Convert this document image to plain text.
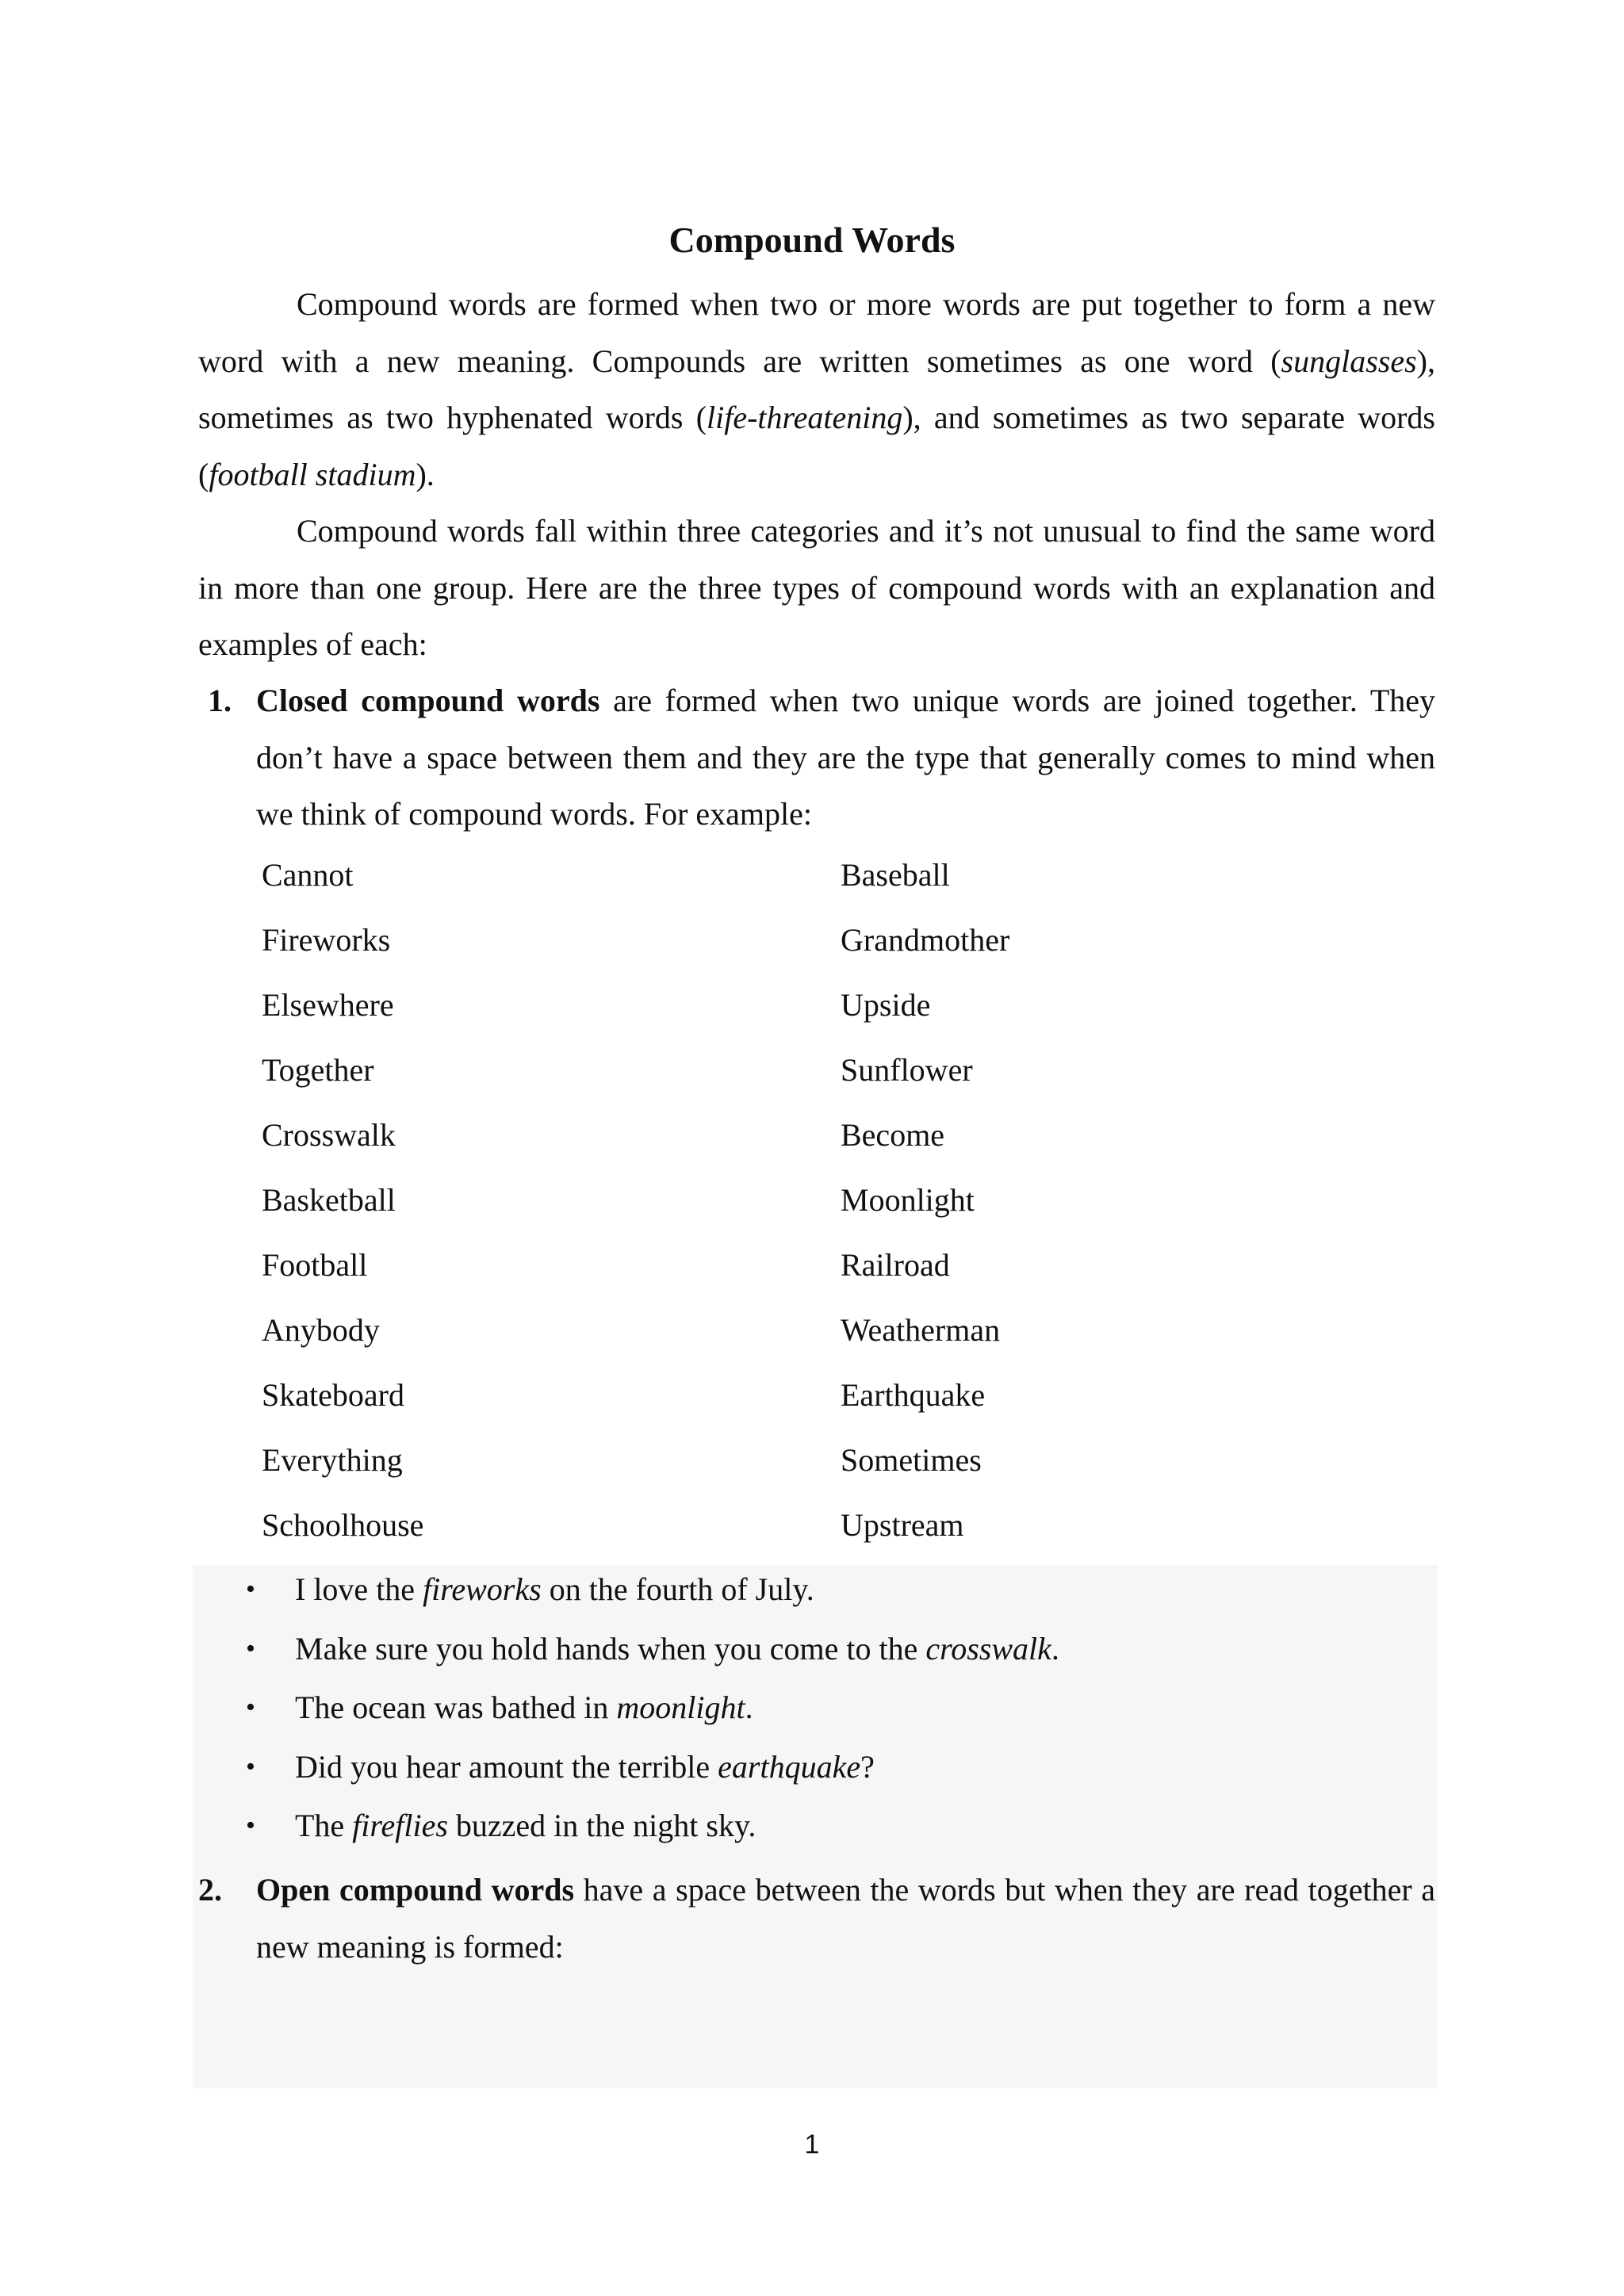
Compound Words
Compound words are formed when two or more words are put together to form a new word with a new meaning. Compounds are written sometimes as one word (sunglasses), sometimes as two hyphenated words (life-threatening), and sometimes as two separate words (football stadium).
Compound words fall within three categories and it’s not unusual to find the same word in more than one group. Here are the three types of compound words with an explanation and examples of each:
1. Closed compound words are formed when two unique words are joined together. They don’t have a space between them and they are the type that generally comes to mind when we think of compound words. For example:
Cannot	Baseball
Fireworks	Grandmother
Elsewhere	Upside
Together	Sunflower
Crosswalk	Become
Basketball	Moonlight
Football	Railroad
Anybody	Weatherman
Skateboard	Earthquake
Everything	Sometimes
Schoolhouse	Upstream
• I love the fireworks on the fourth of July.
• Make sure you hold hands when you come to the crosswalk.
• The ocean was bathed in moonlight.
• Did you hear amount the terrible earthquake?
• The fireflies buzzed in the night sky.
2. Open compound words have a space between the words but when they are read together a new meaning is formed:
1
